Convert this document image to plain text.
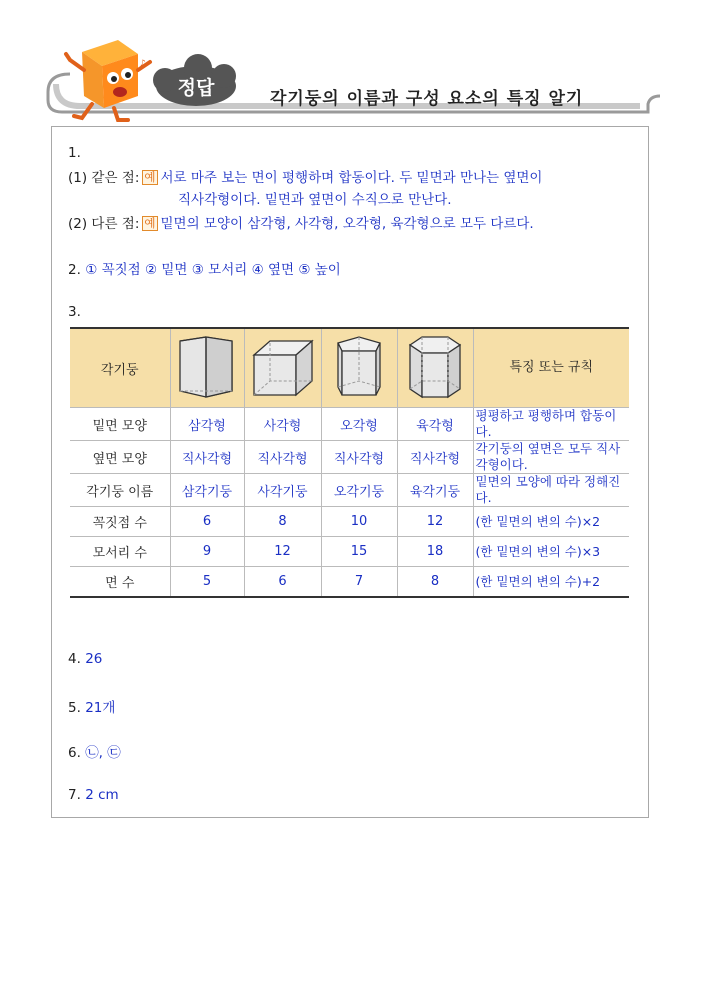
♪
정답	각기둥의 이름과 구성 요소의 특징 알기
1.
(1) 같은 점: 예 서로 마주 보는 면이 평행하며 합동이다. 두 밑면과 만나는 옆면이
직사각형이다. 밑면과 옆면이 수직으로 만난다.
(2) 다른 점: 예 밑면의 모양이 삼각형, 사각형, 오각형, 육각형으로 모두 다르다.
2. ① 꼭짓점 ② 밑면 ③ 모서리 ④ 옆면 ⑤ 높이
3.
각기둥					특징 또는 규칙
밑면 모양	삼각형	사각형	오각형	육각형	평평하고 평행하며 합동이다.
옆면 모양	직사각형	직사각형	직사각형	직사각형	각기둥의 옆면은 모두 직사각형이다.
각기둥 이름	삼각기둥	사각기둥	오각기둥	육각기둥	밑면의 모양에 따라 정해진다.
꼭짓점 수	6	8	10	12	(한 밑면의 변의 수)×2
모서리 수	9	12	15	18	(한 밑면의 변의 수)×3
면 수	5	6	7	8	(한 밑면의 변의 수)+2
4. 26
5. 21개
6. ㉡, ㉢
7. 2 cm
